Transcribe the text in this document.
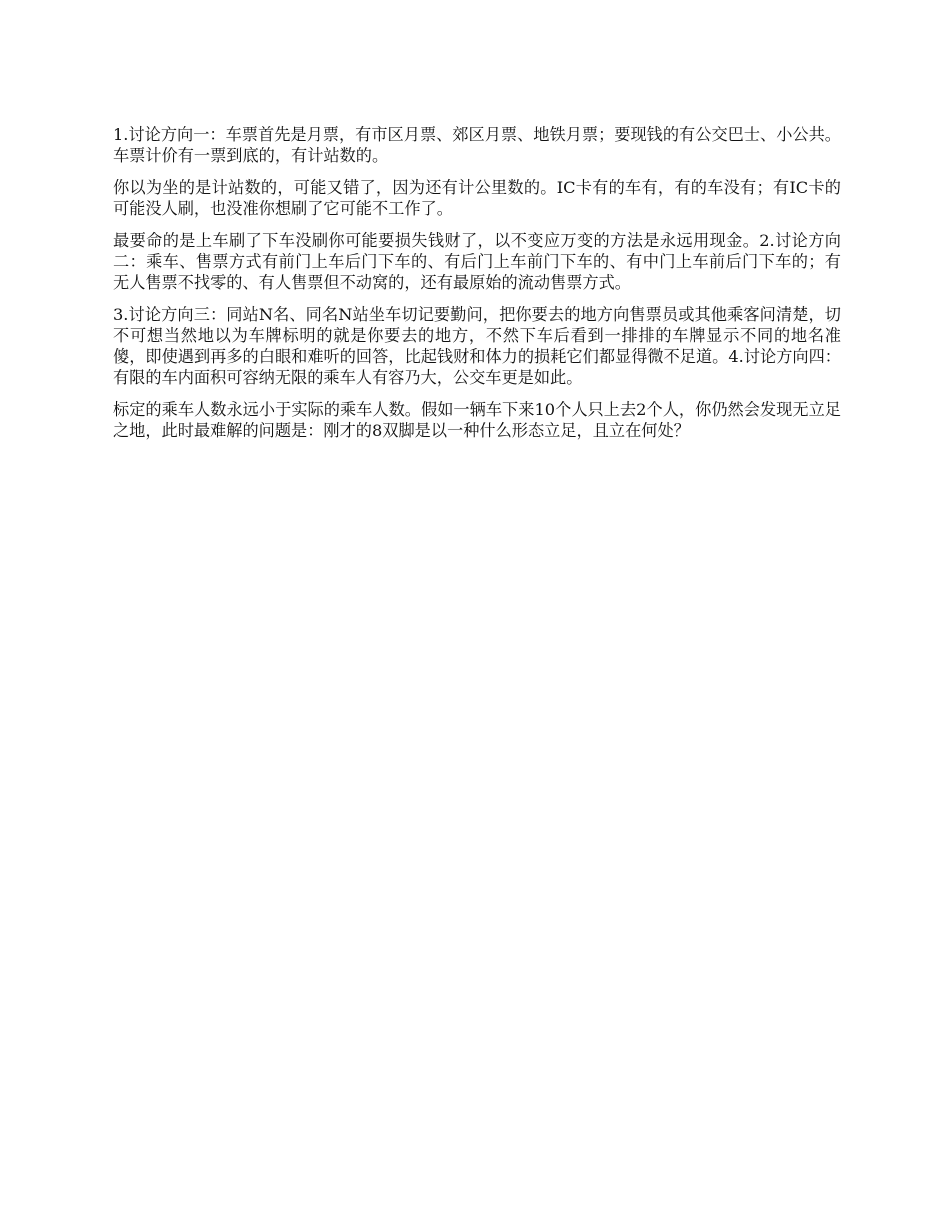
1.讨论方向一：车票首先是月票，有市区月票、郊区月票、地铁月票；要现钱的有公交巴士、小公共。车票计价有一票到底的，有计站数的。

你以为坐的是计站数的，可能又错了，因为还有计公里数的。IC卡有的车有，有的车没有；有IC卡的可能没人刷，也没准你想刷了它可能不工作了。

最要命的是上车刷了下车没刷你可能要损失钱财了，以不变应万变的方法是永远用现金。2.讨论方向二：乘车、售票方式有前门上车后门下车的、有后门上车前门下车的、有中门上车前后门下车的；有无人售票不找零的、有人售票但不动窝的，还有最原始的流动售票方式。

3.讨论方向三：同站N名、同名N站坐车切记要勤问，把你要去的地方向售票员或其他乘客问清楚，切不可想当然地以为车牌标明的就是你要去的地方，不然下车后看到一排排的车牌显示不同的地名准傻，即使遇到再多的白眼和难听的回答，比起钱财和体力的损耗它们都显得微不足道。4.讨论方向四：有限的车内面积可容纳无限的乘车人有容乃大，公交车更是如此。

标定的乘车人数永远小于实际的乘车人数。假如一辆车下来10个人只上去2个人，你仍然会发现无立足之地，此时最难解的问题是：刚才的8双脚是以一种什么形态立足，且立在何处？
